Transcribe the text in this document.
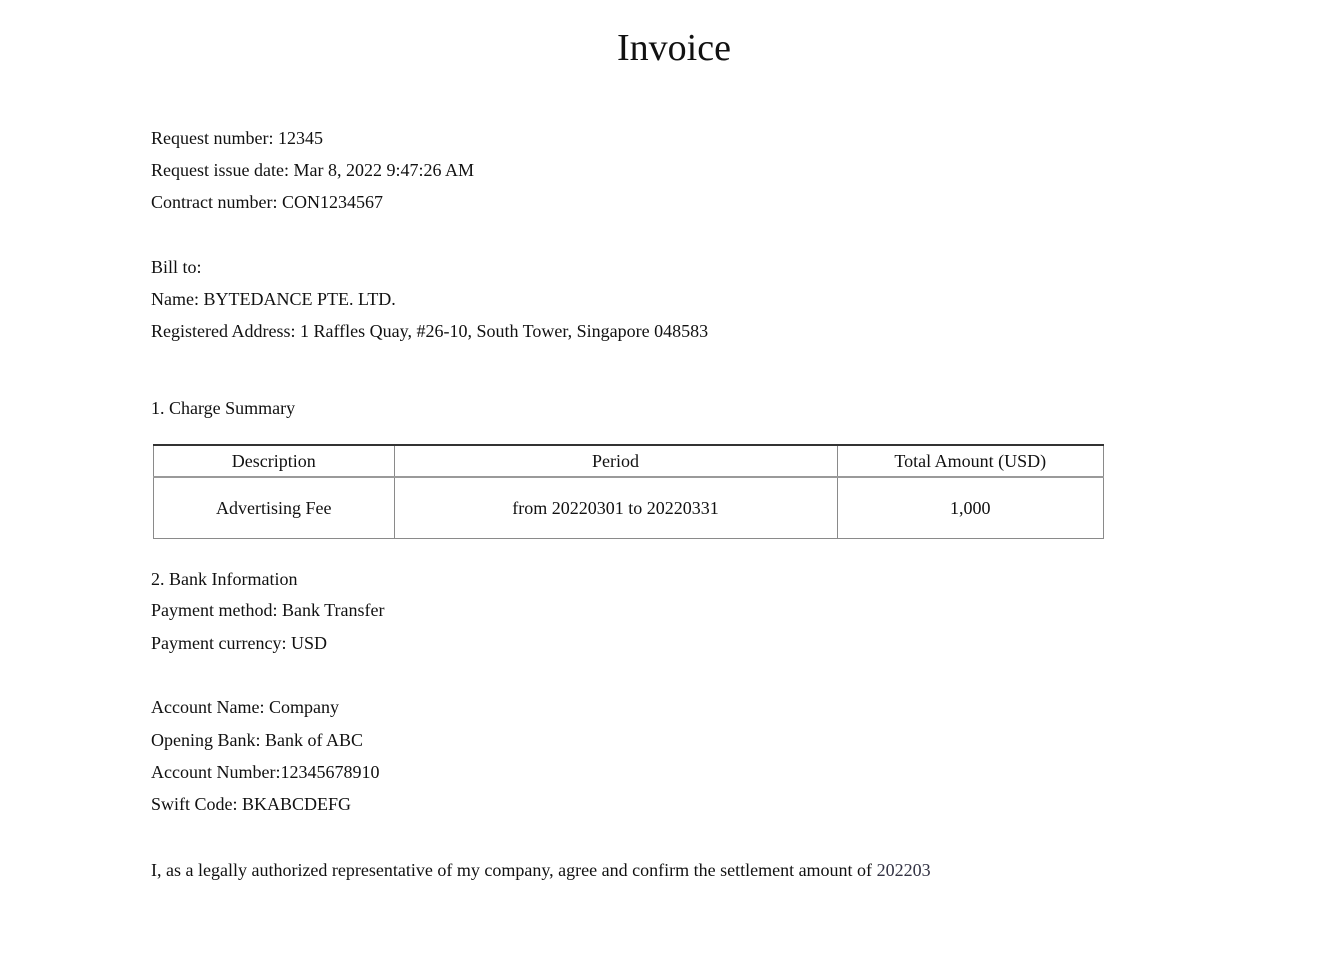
Invoice
Request number: 12345
Request issue date: Mar 8, 2022 9:47:26 AM
Contract number: CON1234567
Bill to:
Name: BYTEDANCE PTE. LTD.
Registered Address: 1 Raffles Quay, #26-10, South Tower, Singapore 048583
1. Charge Summary
Description	Period	Total Amount (USD)
Advertising Fee	from 20220301 to 20220331	1,000
2. Bank Information
Payment method: Bank Transfer
Payment currency: USD
Account Name: Company
Opening Bank: Bank of ABC
Account Number:12345678910
Swift Code: BKABCDEFG
I, as a legally authorized representative of my company, agree and confirm the settlement amount of 202203
